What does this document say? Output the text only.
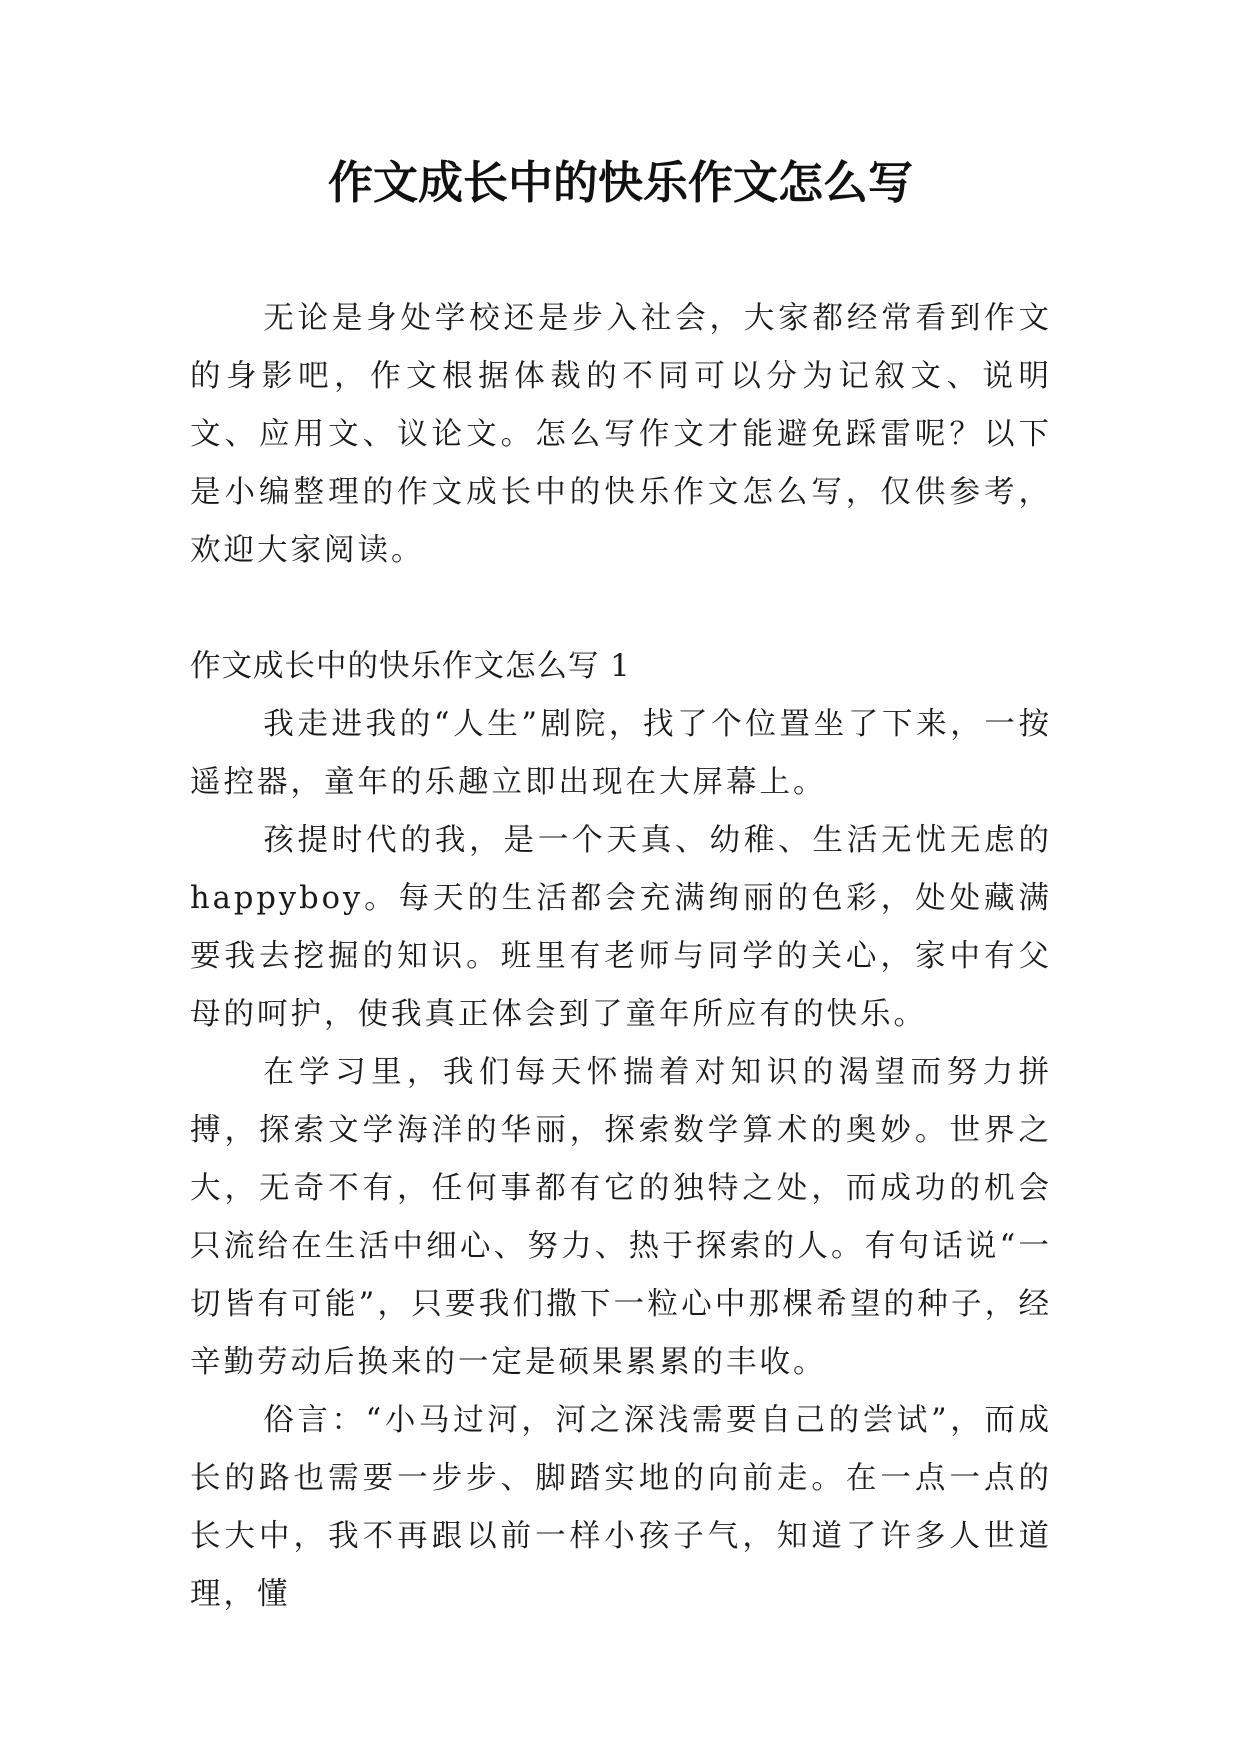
作文成长中的快乐作文怎么写

无论是身处学校还是步入社会，大家都经常看到作文的身影吧，作文根据体裁的不同可以分为记叙文、说明文、应用文、议论文。怎么写作文才能避免踩雷呢？以下是小编整理的作文成长中的快乐作文怎么写，仅供参考，欢迎大家阅读。

作文成长中的快乐作文怎么写 1

我走进我的“人生”剧院，找了个位置坐了下来，一按遥控器，童年的乐趣立即出现在大屏幕上。

孩提时代的我，是一个天真、幼稚、生活无忧无虑的happyboy。每天的生活都会充满绚丽的色彩，处处藏满要我去挖掘的知识。班里有老师与同学的关心，家中有父母的呵护，使我真正体会到了童年所应有的快乐。

在学习里，我们每天怀揣着对知识的渴望而努力拼搏，探索文学海洋的华丽，探索数学算术的奥妙。世界之大，无奇不有，任何事都有它的独特之处，而成功的机会只流给在生活中细心、努力、热于探索的人。有句话说“一切皆有可能”，只要我们撒下一粒心中那棵希望的种子，经辛勤劳动后换来的一定是硕果累累的丰收。

俗言：“小马过河，河之深浅需要自己的尝试”，而成长的路也需要一步步、脚踏实地的向前走。在一点一点的长大中，我不再跟以前一样小孩子气，知道了许多人世道理，懂
